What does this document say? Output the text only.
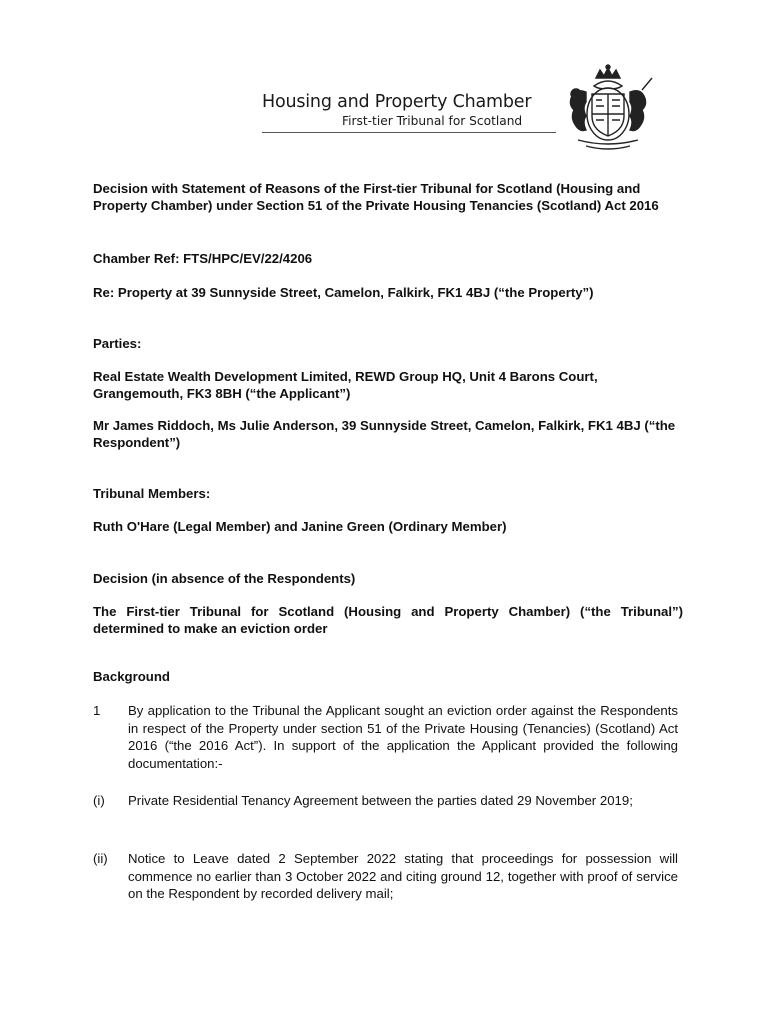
Housing and Property Chamber
First-tier Tribunal for Scotland
Decision with Statement of Reasons of the First-tier Tribunal for Scotland (Housing and Property Chamber) under Section 51 of the Private Housing Tenancies (Scotland) Act 2016
Chamber Ref: FTS/HPC/EV/22/4206
Re: Property at 39 Sunnyside Street, Camelon, Falkirk, FK1 4BJ (“the Property”)
Parties:
Real Estate Wealth Development Limited, REWD Group HQ, Unit 4 Barons Court, Grangemouth, FK3 8BH (“the Applicant”)
Mr James Riddoch, Ms Julie Anderson, 39 Sunnyside Street, Camelon, Falkirk, FK1 4BJ (“the Respondent”)
Tribunal Members:
Ruth O'Hare (Legal Member) and Janine Green (Ordinary Member)
Decision (in absence of the Respondents)
The First-tier Tribunal for Scotland (Housing and Property Chamber) (“the Tribunal”) determined to make an eviction order
Background
1 By application to the Tribunal the Applicant sought an eviction order against the Respondents in respect of the Property under section 51 of the Private Housing (Tenancies) (Scotland) Act 2016 (“the 2016 Act”). In support of the application the Applicant provided the following documentation:-
(i) Private Residential Tenancy Agreement between the parties dated 29 November 2019;
(ii) Notice to Leave dated 2 September 2022 stating that proceedings for possession will commence no earlier than 3 October 2022 and citing ground 12, together with proof of service on the Respondent by recorded delivery mail;
